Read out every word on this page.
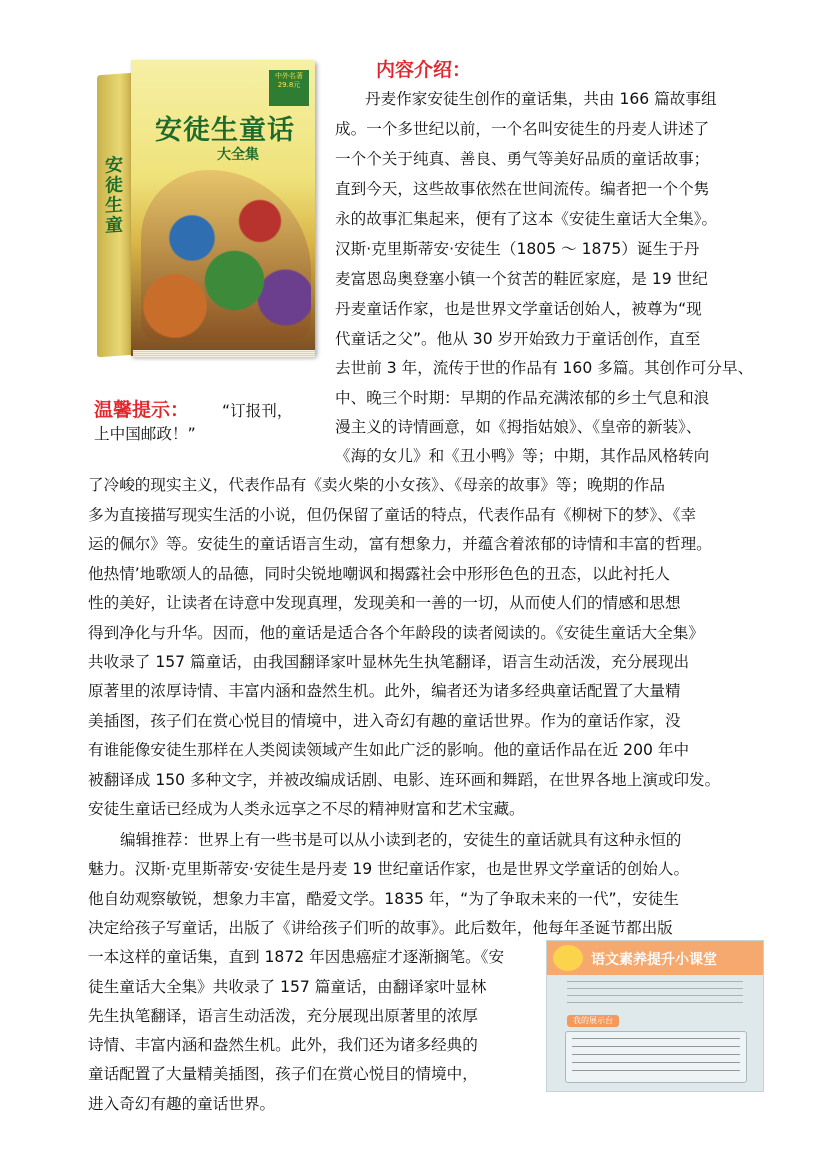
安徒生童
中外名著 29.8元
安徒生童话
大全集
内容介绍：
温馨提示： “订报刊，
上中国邮政！”
丹麦作家安徒生创作的童话集，共由 166 篇故事组
成。一个多世纪以前，一个名叫安徒生的丹麦人讲述了
一个个关于纯真、善良、勇气等美好品质的童话故事；
直到今天，这些故事依然在世间流传。编者把一个个隽
永的故事汇集起来，便有了这本《安徒生童话大全集》。
汉斯·克里斯蒂安·安徒生（1805 ～ 1875）诞生于丹
麦富恩岛奥登塞小镇一个贫苦的鞋匠家庭，是 19 世纪
丹麦童话作家，也是世界文学童话创始人，被尊为“现
代童话之父”。他从 30 岁开始致力于童话创作，直至
去世前 3 年，流传于世的作品有 160 多篇。其创作可分早、
中、晚三个时期：早期的作品充满浓郁的乡土气息和浪
漫主义的诗情画意，如《拇指姑娘》、《皇帝的新装》、
《海的女儿》和《丑小鸭》等；中期，其作品风格转向
了冷峻的现实主义，代表作品有《卖火柴的小女孩》、《母亲的故事》等；晚期的作品
多为直接描写现实生活的小说，但仍保留了童话的特点，代表作品有《柳树下的梦》、《幸
运的佩尔》等。安徒生的童话语言生动，富有想象力，并蕴含着浓郁的诗情和丰富的哲理。
他热情’地歌颂人的品德，同时尖锐地嘲讽和揭露社会中形形色色的丑态，以此衬托人
性的美好，让读者在诗意中发现真理，发现美和一善的一切，从而使人们的情感和思想
得到净化与升华。因而，他的童话是适合各个年龄段的读者阅读的。《安徒生童话大全集》
共收录了 157 篇童话，由我国翻译家叶显林先生执笔翻译，语言生动活泼，充分展现出
原著里的浓厚诗情、丰富内涵和盎然生机。此外，编者还为诸多经典童话配置了大量精
美插图，孩子们在赏心悦目的情境中，进入奇幻有趣的童话世界。作为的童话作家，没
有谁能像安徒生那样在人类阅读领域产生如此广泛的影响。他的童话作品在近 200 年中
被翻译成 150 多种文字，并被改编成话剧、电影、连环画和舞蹈，在世界各地上演或印发。
安徒生童话已经成为人类永远享之不尽的精神财富和艺术宝藏。
编辑推荐：世界上有一些书是可以从小读到老的，安徒生的童话就具有这种永恒的
魅力。汉斯·克里斯蒂安·安徒生是丹麦 19 世纪童话作家，也是世界文学童话的创始人。
他自幼观察敏锐，想象力丰富，酷爱文学。1835 年，“为了争取未来的一代”，安徒生
决定给孩子写童话，出版了《讲给孩子们听的故事》。此后数年，他每年圣诞节都出版
一本这样的童话集，直到 1872 年因患癌症才逐渐搁笔。《安
徒生童话大全集》共收录了 157 篇童话，由翻译家叶显林
先生执笔翻译，语言生动活泼，充分展现出原著里的浓厚
诗情、丰富内涵和盎然生机。此外，我们还为诸多经典的
童话配置了大量精美插图，孩子们在赏心悦目的情境中，
进入奇幻有趣的童话世界。
语文素养提升小课堂
我的展示台
